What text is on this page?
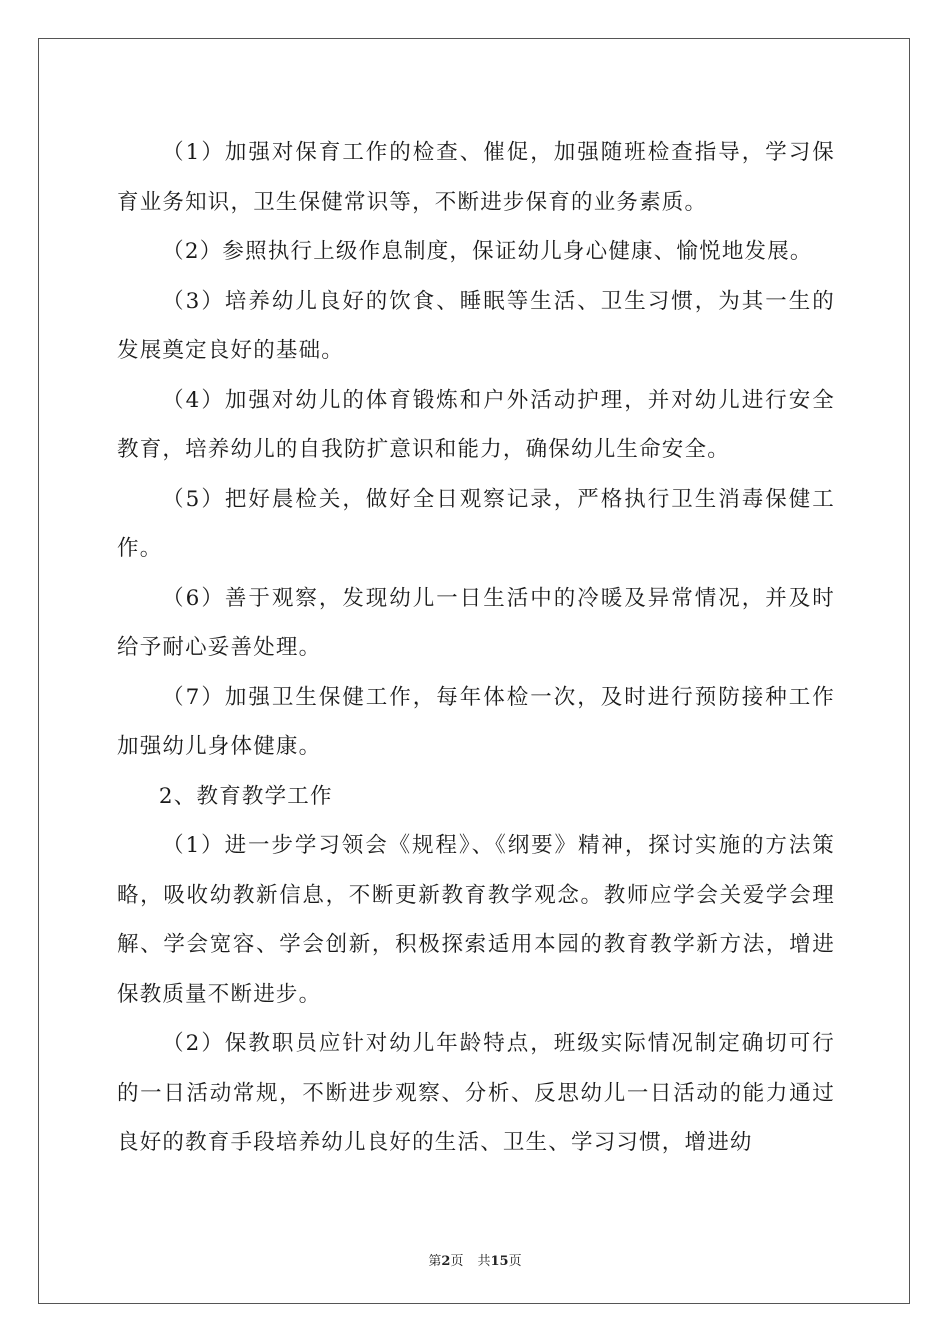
（1）加强对保育工作的检查、催促，加强随班检查指导，学习保育业务知识，卫生保健常识等，不断进步保育的业务素质。

（2）参照执行上级作息制度，保证幼儿身心健康、愉悦地发展。

（3）培养幼儿良好的饮食、睡眠等生活、卫生习惯，为其一生的发展奠定良好的基础。

（4）加强对幼儿的体育锻炼和户外活动护理，并对幼儿进行安全教育，培养幼儿的自我防扩意识和能力，确保幼儿生命安全。

（5）把好晨检关，做好全日观察记录，严格执行卫生消毒保健工作。

（6）善于观察，发现幼儿一日生活中的冷暖及异常情况，并及时给予耐心妥善处理。

（7）加强卫生保健工作，每年体检一次，及时进行预防接种工作加强幼儿身体健康。

2、教育教学工作

（1）进一步学习领会《规程》、《纲要》精神，探讨实施的方法策略，吸收幼教新信息，不断更新教育教学观念。教师应学会关爱学会理解、学会宽容、学会创新，积极探索适用本园的教育教学新方法，增进保教质量不断进步。

（2）保教职员应针对幼儿年龄特点，班级实际情况制定确切可行的一日活动常规，不断进步观察、分析、反思幼儿一日活动的能力通过良好的教育手段培养幼儿良好的生活、卫生、学习习惯，增进幼

第2页 共15页
